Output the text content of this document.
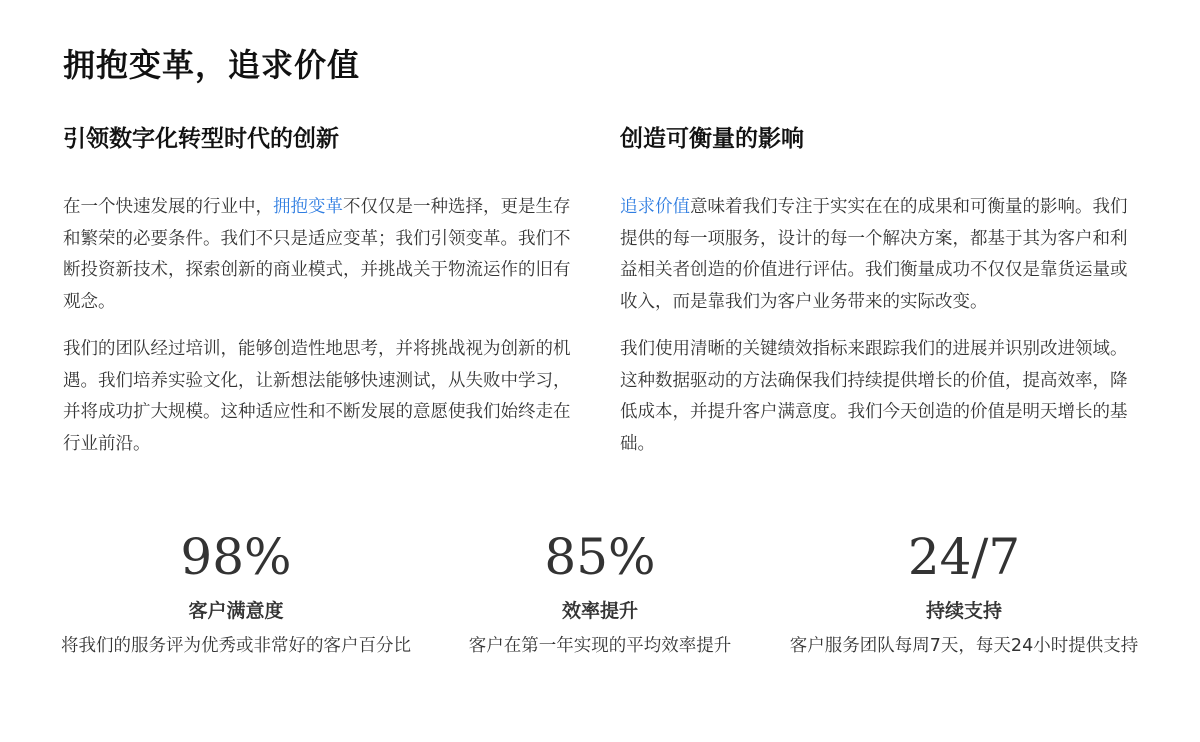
拥抱变革，追求价值
引领数字化转型时代的创新

在一个快速发展的行业中，拥抱变革不仅仅是一种选择，更是生存和繁荣的必要条件。我们不只是适应变革；我们引领变革。我们不断投资新技术，探索创新的商业模式，并挑战关于物流运作的旧有观念。

我们的团队经过培训，能够创造性地思考，并将挑战视为创新的机遇。我们培养实验文化，让新想法能够快速测试，从失败中学习，并将成功扩大规模。这种适应性和不断发展的意愿使我们始终走在行业前沿。

创造可衡量的影响

追求价值意味着我们专注于实实在在的成果和可衡量的影响。我们提供的每一项服务，设计的每一个解决方案，都基于其为客户和利益相关者创造的价值进行评估。我们衡量成功不仅仅是靠货运量或收入，而是靠我们为客户业务带来的实际改变。

我们使用清晰的关键绩效指标来跟踪我们的进展并识别改进领域。这种数据驱动的方法确保我们持续提供增长的价值，提高效率，降低成本，并提升客户满意度。我们今天创造的价值是明天增长的基础。

98%
客户满意度
将我们的服务评为优秀或非常好的客户百分比
85%
效率提升
客户在第一年实现的平均效率提升
24/7
持续支持
客户服务团队每周7天，每天24小时提供支持
